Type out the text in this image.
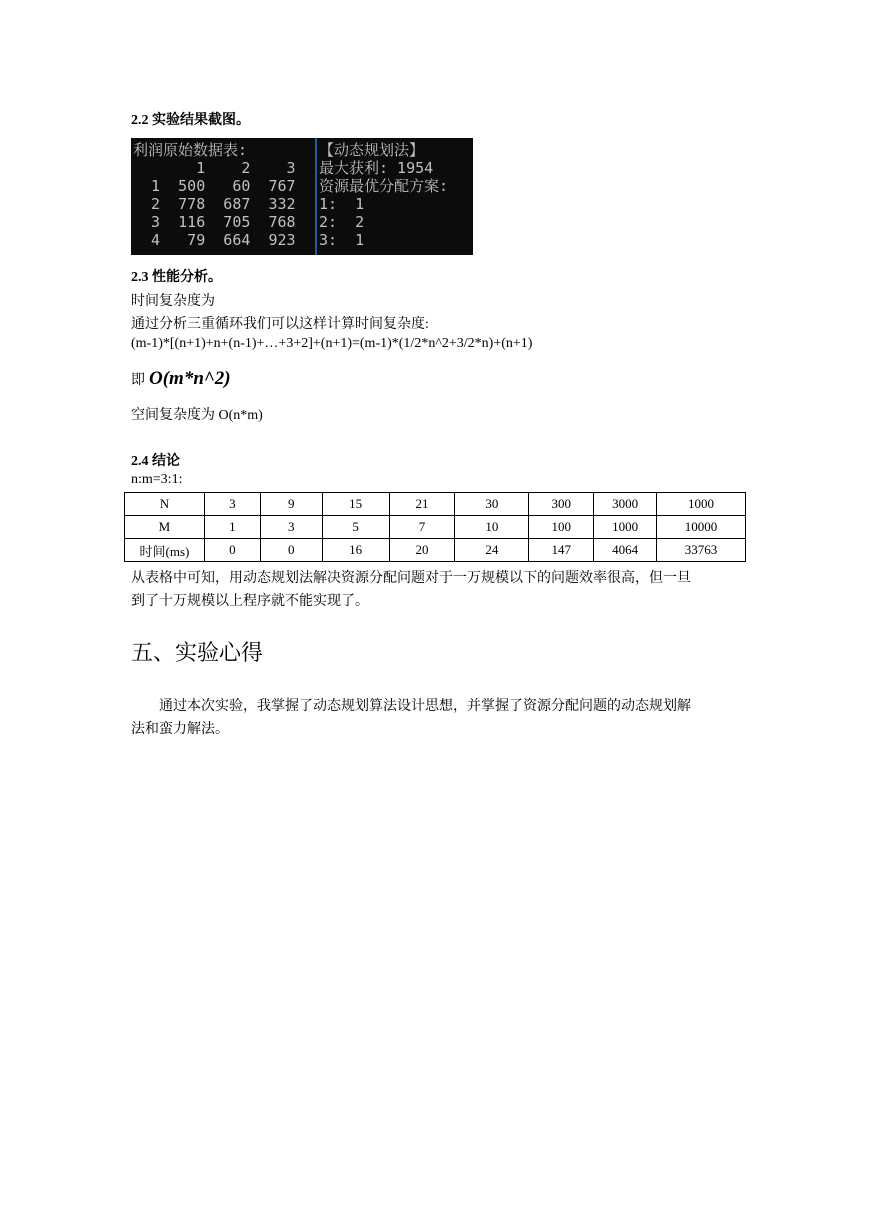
2.2 实验结果截图。
利润原始数据表:
1    2    3
1  500   60  767
2  778  687  332
3  116  705  768
4   79  664  923
【动态规划法】
最大获利: 1954
资源最优分配方案:
1:  1
2:  2
3:  1
2.3 性能分析。
时间复杂度为
通过分析三重循环我们可以这样计算时间复杂度:
(m-1)*[(n+1)+n+(n-1)+…+3+2]+(n+1)=(m-1)*(1/2*n^2+3/2*n)+(n+1)
即 O(m*n^2)
空间复杂度为 O(n*m)
2.4 结论
n:m=3:1:
N	3	9	15	21	30	300	3000	1000
M	1	3	5	7	10	100	1000	10000
时间(ms)	0	0	16	20	24	147	4064	33763
从表格中可知，用动态规划法解决资源分配问题对于一万规模以下的问题效率很高，但一旦
到了十万规模以上程序就不能实现了。
五、实验心得
通过本次实验，我掌握了动态规划算法设计思想，并掌握了资源分配问题的动态规划解
法和蛮力解法。
